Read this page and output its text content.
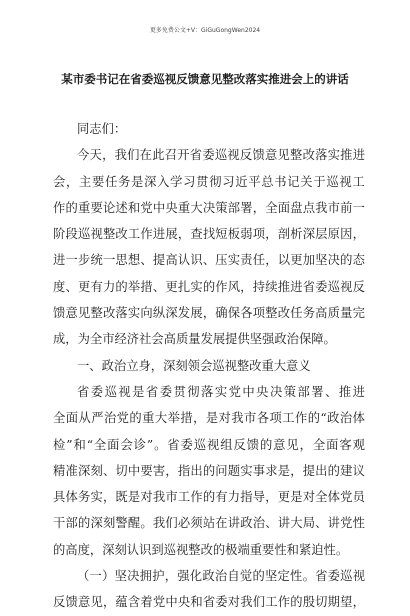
更多免费公文+V：GiGuGongWen2024
某市委书记在省委巡视反馈意见整改落实推进会上的讲话
同志们：
今 天 ， 我 们 在 此 召 开 省 委 巡 视 反 馈 意 见 整 改 落 实 推 进
会 ， 主 要 任 务 是 深 入 学 习 贯 彻 习 近 平 总 书 记 关 于 巡 视 工
作 的 重 要 论 述 和 党 中 央 重 大 决 策 部 署 ， 全 面 盘 点 我 市 前 一
阶 段 巡 视 整 改 工 作 进 展 ， 查 找 短 板 弱 项 ， 剖 析 深 层 原 因 ，
进 一 步 统 一 思 想 、 提 高 认 识 、 压 实 责 任 ， 以 更 加 坚 决 的 态
度 、 更 有 力 的 举 措 、 更 扎 实 的 作 风 ， 持 续 推 进 省 委 巡 视 反
馈 意 见 整 改 落 实 向 纵 深 发 展 ， 确 保 各 项 整 改 任 务 高 质 量 完
成，为全市经济社会高质量发展提供坚强政治保障。
一、政治立身，深刻领会巡视整改重大意义
省 委 巡 视 是 省 委 贯 彻 落 实 党 中 央 决 策 部 署 、 推 进
全 面 从 严 治 党 的 重 大 举 措 ， 是 对 我 市 各 项 工 作 的 “ 政 治 体
检 ” 和 “ 全 面 会 诊 ” 。 省 委 巡 视 组 反 馈 的 意 见 ， 全 面 客 观
精 准 深 刻 、 切 中 要 害 ， 指 出 的 问 题 实 事 求 是 ， 提 出 的 建 议
具 体 务 实 ， 既 是 对 我 市 工 作 的 有 力 指 导 ， 更 是 对 全 体 党 员
干 部 的 深 刻 警 醒 。 我 们 必 须 站 在 讲 政 治 、 讲 大 局 、 讲 党 性
的高度，深刻认识到巡视整改的极端重要性和紧迫性。
（ 一 ） 坚 决 拥 护 ， 强 化 政 治 自 觉 的 坚 定 性 。 省 委 巡 视
反 馈 意 见 ， 蕴 含 着 党 中 央 和 省 委 对 我 们 工 作 的 殷 切 期 望 ，
